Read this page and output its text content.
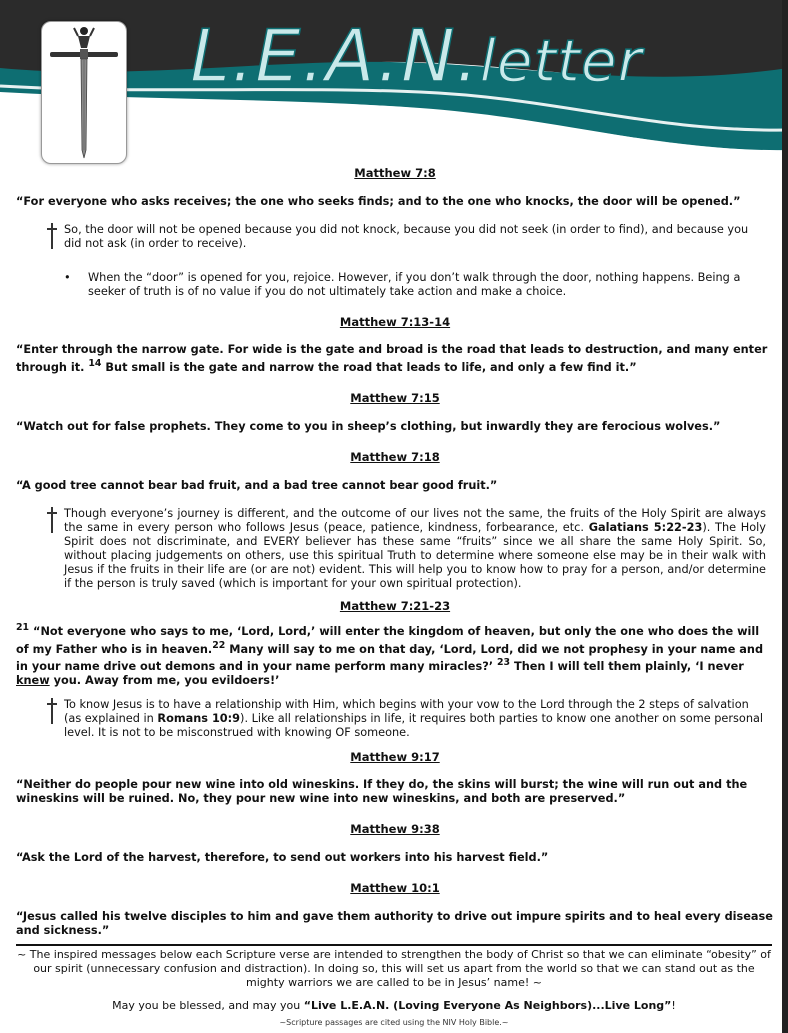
L.E.A.N.letter
Matthew 7:8
“For everyone who asks receives; the one who seeks finds; and to the one who knocks, the door will be opened.”
So, the door will not be opened because you did not knock, because you did not seek (in order to find), and because you did not ask (in order to receive).
• When the “door” is opened for you, rejoice. However, if you don’t walk through the door, nothing happens. Being a seeker of truth is of no value if you do not ultimately take action and make a choice.
Matthew 7:13-14
“Enter through the narrow gate. For wide is the gate and broad is the road that leads to destruction, and many enter through it. $^{14}$ But small is the gate and narrow the road that leads to life, and only a few find it.”
Matthew 7:15
“Watch out for false prophets. They come to you in sheep’s clothing, but inwardly they are ferocious wolves.”
Matthew 7:18
“A good tree cannot bear bad fruit, and a bad tree cannot bear good fruit.”
Though everyone’s journey is different, and the outcome of our lives not the same, the fruits of the Holy Spirit are always the same in every person who follows Jesus (peace, patience, kindness, forbearance, etc. Galatians 5:22-23). The Holy Spirit does not discriminate, and EVERY believer has these same “fruits” since we all share the same Holy Spirit. So, without placing judgements on others, use this spiritual Truth to determine where someone else may be in their walk with Jesus if the fruits in their life are (or are not) evident. This will help you to know how to pray for a person, and/or determine if the person is truly saved (which is important for your own spiritual protection).
Matthew 7:21-23
$^{21}$ “Not everyone who says to me, ‘Lord, Lord,’ will enter the kingdom of heaven, but only the one who does the will of my Father who is in heaven.$^{22}$ Many will say to me on that day, ‘Lord, Lord, did we not prophesy in your name and in your name drive out demons and in your name perform many miracles?’ $^{23}$ Then I will tell them plainly, ‘I never knew you. Away from me, you evildoers!’
To know Jesus is to have a relationship with Him, which begins with your vow to the Lord through the 2 steps of salvation (as explained in Romans 10:9). Like all relationships in life, it requires both parties to know one another on some personal level. It is not to be misconstrued with knowing OF someone.
Matthew 9:17
“Neither do people pour new wine into old wineskins. If they do, the skins will burst; the wine will run out and the wineskins will be ruined. No, they pour new wine into new wineskins, and both are preserved.”
Matthew 9:38
“Ask the Lord of the harvest, therefore, to send out workers into his harvest field.”
Matthew 10:1
“Jesus called his twelve disciples to him and gave them authority to drive out impure spirits and to heal every disease and sickness.”
~ The inspired messages below each Scripture verse are intended to strengthen the body of Christ so that we can eliminate “obesity” of our spirit (unnecessary confusion and distraction). In doing so, this will set us apart from the world so that we can stand out as the mighty warriors we are called to be in Jesus’ name! ~
May you be blessed, and may you “Live L.E.A.N. (Loving Everyone As Neighbors)...Live Long”!
~Scripture passages are cited using the NIV Holy Bible.~
